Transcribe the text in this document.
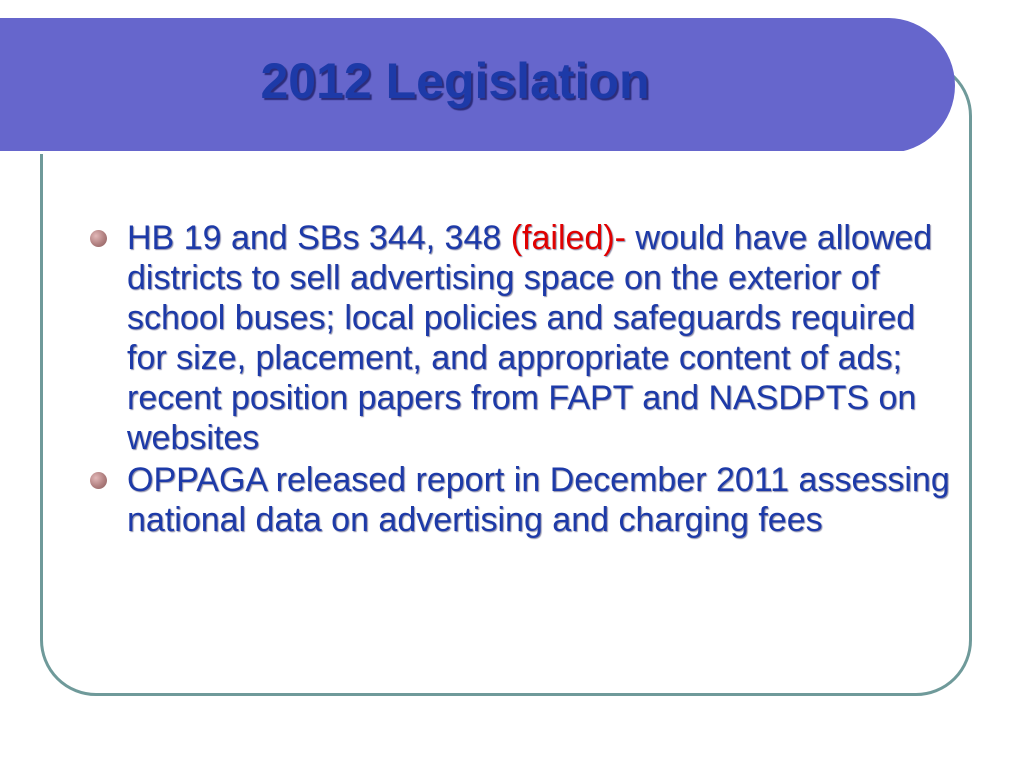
2012 Legislation
HB 19 and SBs 344, 348 (failed)- would have allowed districts to sell advertising space on the exterior of school buses; local policies and safeguards required for size, placement, and appropriate content of ads; recent position papers from FAPT and NASDPTS on websites
OPPAGA released report in December 2011 assessing national data on advertising and charging fees
